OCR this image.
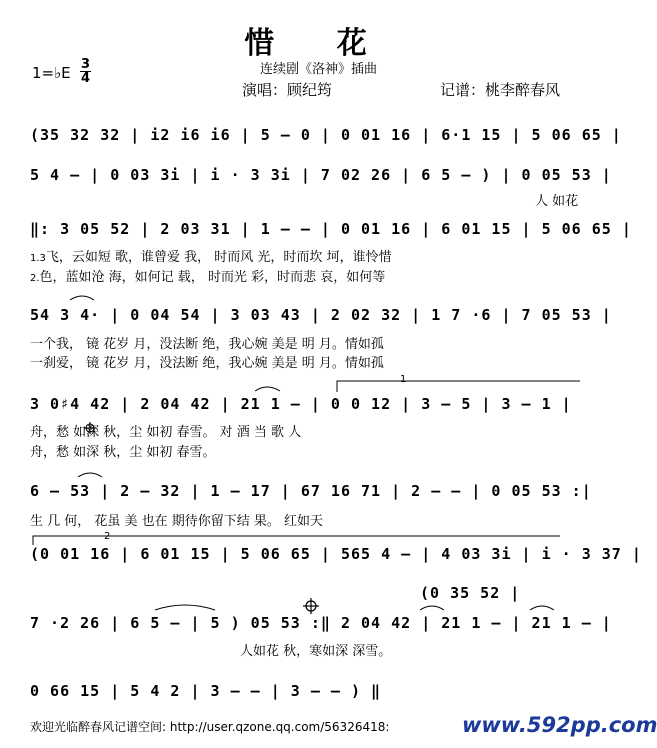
惜 花
连续剧《洛神》插曲
1=♭E $\frac{3}{4}$
演唱：顾纪筠	记谱：桃李醉春风
(35 32 32 | i2 i6 i6 | 5 – 0 | 0 01 16 | 6·1 15 | 5 06 65 |
5 4 – | 0 03 3i | i · 3 3i | 7 02 26 | 6 5 – ) | 0 05 53 |
人 如花
‖: 3 05 52 | 2 03 31 | 1 – – | 0 01 16 | 6 01 15 | 5 06 65 |
1.3飞，云如短 歌，谁曾爱 我， 时而风 光，时而坎 坷，谁怜惜
2.色，蓝如沧 海，如何记 载， 时而光 彩，时而悲 哀，如何等
54 3 4· | 0 04 54 | 3 03 43 | 2 02 32 | 1 7 ·6 | 7 05 53 |
一个我， 镜 花岁 月，没法断 绝，我心婉 美是 明 月。情如孤
一刹爱， 镜 花岁 月，没法断 绝，我心婉 美是 明 月。情如孤
3 0♯4 42 | 2 04 42 | 21 1 – | 0 0 12 | 3 – 5 | 3 – 1 |
舟，愁 如深 秋，尘 如初 春雪。 对 酒 当 歌 人
舟，愁 如深 秋，尘 如初 春雪。
1
6 – 53 | 2 – 32 | 1 – 17 | 67 16 71 | 2 – – | 0 05 53 :|
生 几 何， 花虽 美 也在 期待你留下结 果。 红如天
2
(0 01 16 | 6 01 15 | 5 06 65 | 565 4 – | 4 03 3i | i · 3 37 |
(0 35 52 |
7 ·2 26 | 6 5 – | 5 ) 05 53 :‖ 2 04 42 | 21 1 – | 21 1 – |
人如花 秋，寒如深 深雪。
0 66 15 | 5 4 2 | 3 – – | 3 – – ) ‖
欢迎光临醉春风记谱空间: http://user.qzone.qq.com/56326418:	www.592pp.com
